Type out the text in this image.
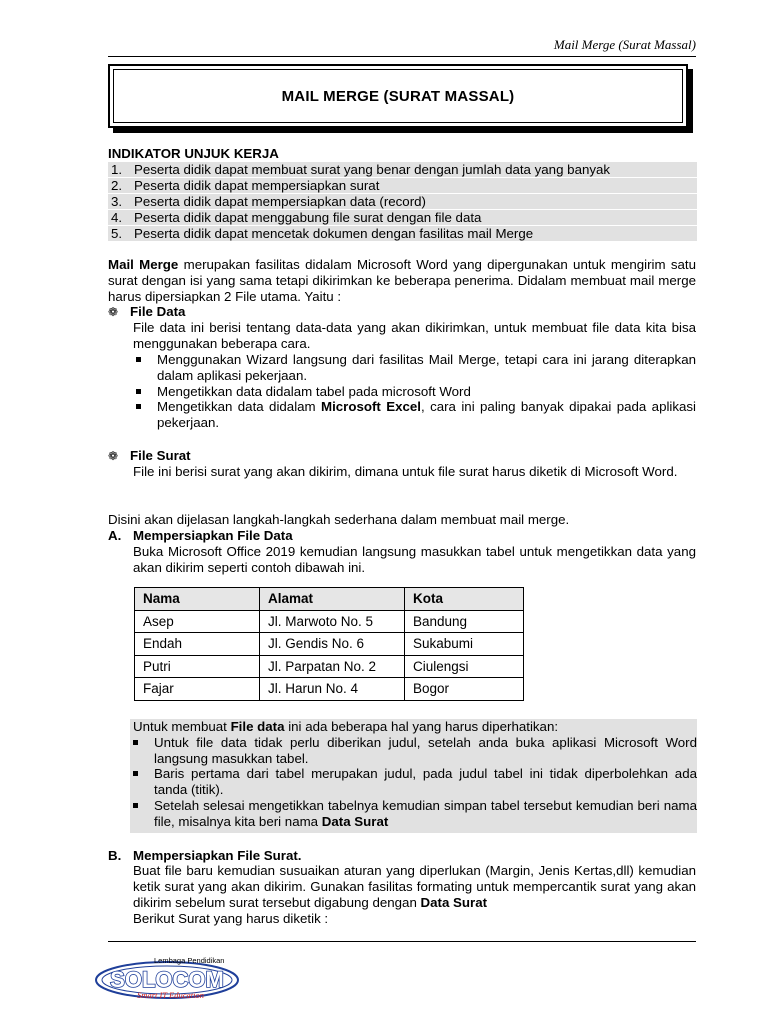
Mail Merge (Surat Massal)
MAIL MERGE (SURAT MASSAL)
INDIKATOR UNJUK KERJA
1. Peserta didik dapat membuat surat yang benar dengan jumlah data yang banyak
2. Peserta didik dapat mempersiapkan surat
3. Peserta didik dapat mempersiapkan data (record)
4. Peserta didik dapat menggabung file surat dengan file data
5. Peserta didik dapat mencetak dokumen dengan fasilitas mail Merge
Mail Merge merupakan fasilitas didalam Microsoft Word yang dipergunakan untuk mengirim satu surat dengan isi yang sama tetapi dikirimkan ke beberapa penerima. Didalam membuat mail merge harus dipersiapkan 2 File utama. Yaitu :
❁ File Data
File data ini berisi tentang data-data yang akan dikirimkan, untuk membuat file data kita bisa menggunakan beberapa cara.
Menggunakan Wizard langsung dari fasilitas Mail Merge, tetapi cara ini jarang diterapkan dalam aplikasi pekerjaan.
Mengetikkan data didalam tabel pada microsoft Word
Mengetikkan data didalam Microsoft Excel, cara ini paling banyak dipakai pada aplikasi pekerjaan.
❁ File Surat
File ini berisi surat yang akan dikirim, dimana untuk file surat harus diketik di Microsoft Word.
Disini akan dijelasan langkah-langkah sederhana dalam membuat mail merge.
A. Mempersiapkan File Data
Buka Microsoft Office 2019 kemudian langsung masukkan tabel untuk mengetikkan data yang akan dikirim seperti contoh dibawah ini.
Nama	Alamat	Kota
Asep	Jl. Marwoto No. 5	Bandung
Endah	Jl. Gendis No. 6	Sukabumi
Putri	Jl. Parpatan No. 2	Ciulengsi
Fajar	Jl. Harun No. 4	Bogor
Untuk membuat File data ini ada beberapa hal yang harus diperhatikan:
Untuk file data tidak perlu diberikan judul, setelah anda buka aplikasi Microsoft Word langsung masukkan tabel.
Baris pertama dari tabel merupakan judul, pada judul tabel ini tidak diperbolehkan ada tanda (titik).
Setelah selesai mengetikkan tabelnya kemudian simpan tabel tersebut kemudian beri nama file, misalnya kita beri nama Data Surat
B. Mempersiapkan File Surat.
Buat file baru kemudian susuaikan aturan yang diperlukan (Margin, Jenis Kertas,dll) kemudian ketik surat yang akan dikirim. Gunakan fasilitas formating untuk mempercantik surat yang akan dikirim sebelum surat tersebut digabung dengan Data Surat
Berikut Surat yang harus diketik :
Lembaga Pendidikan
SOLOCOM
Smart IT Education
